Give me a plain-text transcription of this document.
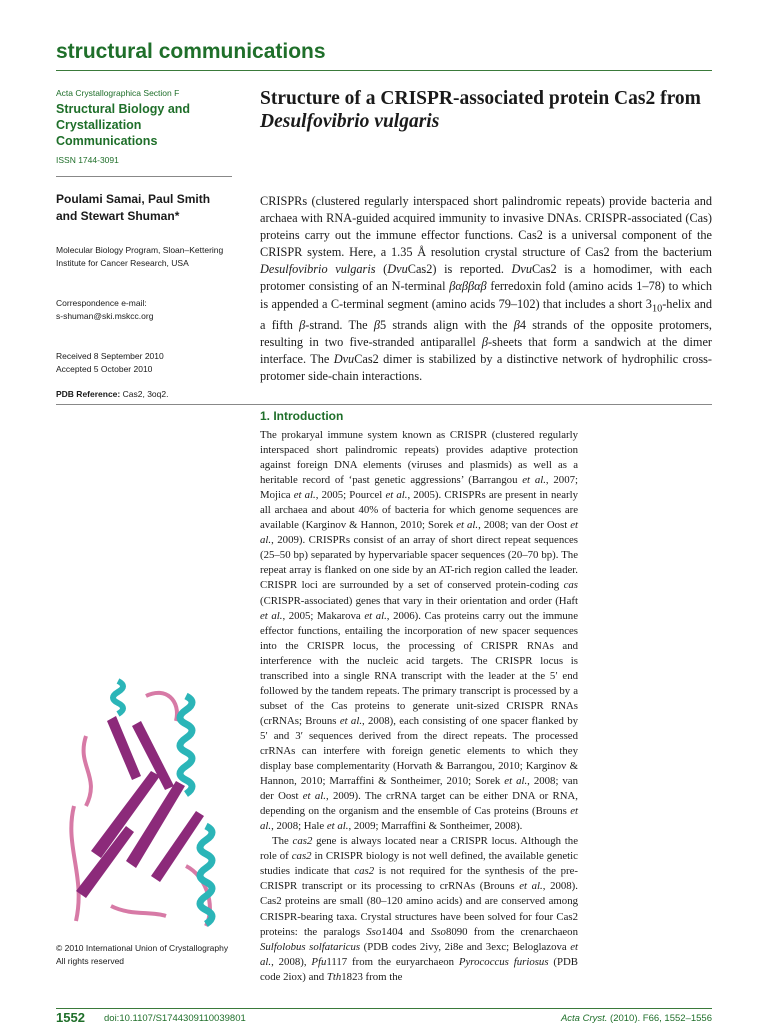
structural communications
Acta Crystallographica Section F
Structural Biology and Crystallization Communications
ISSN 1744-3091
Structure of a CRISPR-associated protein Cas2 from
Desulfovibrio vulgaris
Poulami Samai, Paul Smith and Stewart Shuman*
Molecular Biology Program, Sloan–Kettering Institute for Cancer Research, USA
Correspondence e-mail:
s-shuman@ski.mskcc.org
Received 8 September 2010
Accepted 5 October 2010
PDB Reference: Cas2, 3oq2.

CRISPRs (clustered regularly interspaced short palindromic repeats) provide bacteria and archaea with RNA-guided acquired immunity to invasive DNAs. CRISPR-associated (Cas) proteins carry out the immune effector functions. Cas2 is a universal component of the CRISPR system. Here, a 1.35 Å resolution crystal structure of Cas2 from the bacterium Desulfovibrio vulgaris (DvuCas2) is reported. DvuCas2 is a homodimer, with each protomer consisting of an N-terminal βαββαβ ferredoxin fold (amino acids 1–78) to which is appended a C-terminal segment (amino acids 79–102) that includes a short $3_{10}$-helix and a fifth β-strand. The β5 strands align with the β4 strands of the opposite protomers, resulting in two five-stranded antiparallel β-sheets that form a sandwich at the dimer interface. The DvuCas2 dimer is stabilized by a distinctive network of hydrophilic cross-protomer side-chain interactions.

1. Introduction

The prokaryal immune system known as CRISPR (clustered regularly interspaced short palindromic repeats) provides adaptive protection against foreign DNA elements (viruses and plasmids) as well as a heritable record of ‘past genetic aggressions’ (Barrangou et al., 2007; Mojica et al., 2005; Pourcel et al., 2005). CRISPRs are present in nearly all archaea and about 40% of bacteria for which genome sequences are available (Karginov & Hannon, 2010; Sorek et al., 2008; van der Oost et al., 2009). CRISPRs consist of an array of short direct repeat sequences (25–50 bp) separated by hypervariable spacer sequences (20–70 bp). The repeat array is flanked on one side by an AT-rich region called the leader. CRISPR loci are surrounded by a set of conserved protein-coding cas (CRISPR-associated) genes that vary in their orientation and order (Haft et al., 2005; Makarova et al., 2006). Cas proteins carry out the immune effector functions, entailing the incorporation of new spacer sequences into the CRISPR locus, the processing of CRISPR RNAs and interference with the nucleic acid targets. The CRISPR locus is transcribed into a single RNA transcript with the leader at the 5′ end followed by the tandem repeats. The primary transcript is processed by a subset of the Cas proteins to generate unit-sized CRISPR RNAs (crRNAs; Brouns et al., 2008), each consisting of one spacer flanked by 5′ and 3′ sequences derived from the direct repeats. The processed crRNAs can interfere with foreign genetic elements to which they display base complementarity (Horvath & Barrangou, 2010; Karginov & Hannon, 2010; Marraffini & Sontheimer, 2010; Sorek et al., 2008; van der Oost et al., 2009). The crRNA target can be either DNA or RNA, depending on the organism and the ensemble of Cas proteins (Brouns et al., 2008; Hale et al., 2009; Marraffini & Sontheimer, 2008).

The cas2 gene is always located near a CRISPR locus. Although the role of cas2 in CRISPR biology is not well defined, the available genetic studies indicate that cas2 is not required for the synthesis of the pre-CRISPR transcript or its processing to crRNAs (Brouns et al., 2008). Cas2 proteins are small (80–120 amino acids) and are conserved among CRISPR-bearing taxa. Crystal structures have been solved for four Cas2 proteins: the paralogs Sso1404 and Sso8090 from the crenarchaeon Sulfolobus solfataricus (PDB codes 2ivy, 2i8e and 3exc; Beloglazova et al., 2008), Pfu1117 from the euryarchaeon Pyrococcus furiosus (PDB code 2iox) and Tth1823 from the

© 2010 International Union of Crystallography
All rights reserved
1552 doi:10.1107/S1744309110039801	Acta Cryst. (2010). F66, 1552–1556
